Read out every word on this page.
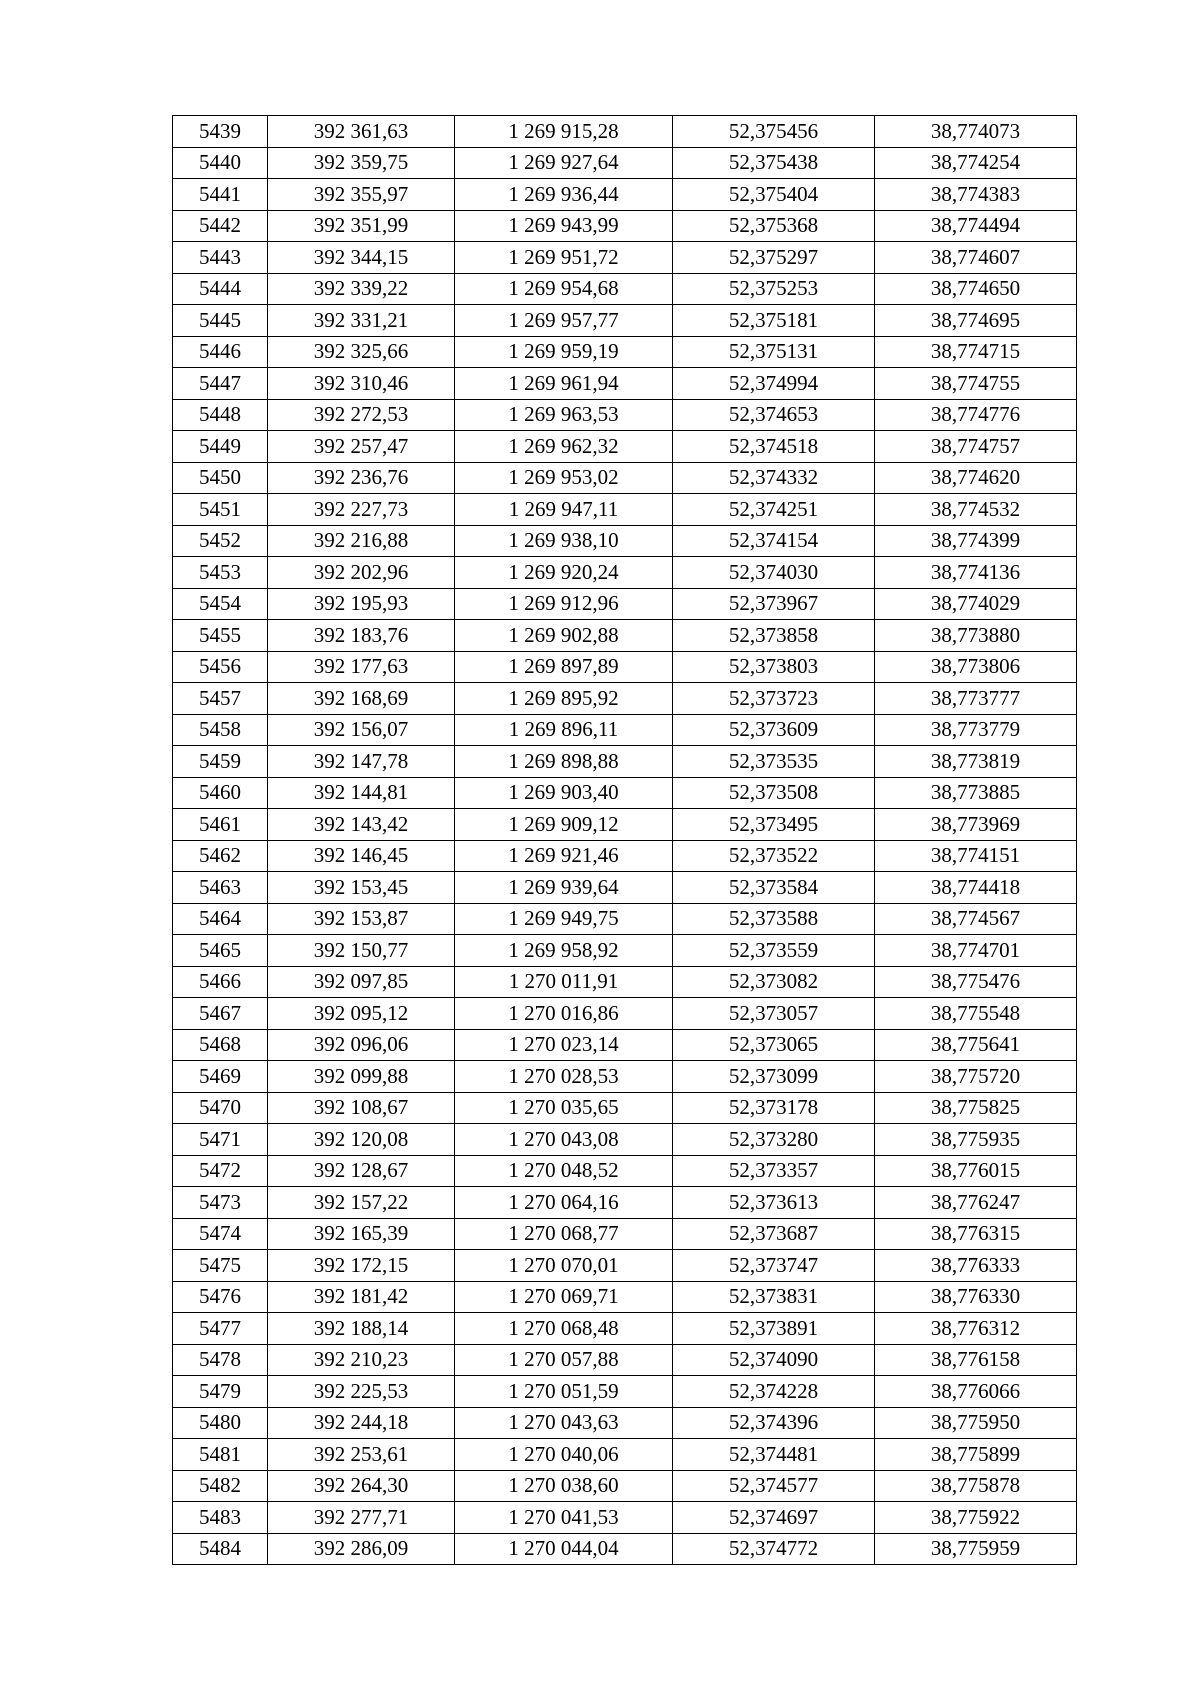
5439	392 361,63	1 269 915,28	52,375456	38,774073
5440	392 359,75	1 269 927,64	52,375438	38,774254
5441	392 355,97	1 269 936,44	52,375404	38,774383
5442	392 351,99	1 269 943,99	52,375368	38,774494
5443	392 344,15	1 269 951,72	52,375297	38,774607
5444	392 339,22	1 269 954,68	52,375253	38,774650
5445	392 331,21	1 269 957,77	52,375181	38,774695
5446	392 325,66	1 269 959,19	52,375131	38,774715
5447	392 310,46	1 269 961,94	52,374994	38,774755
5448	392 272,53	1 269 963,53	52,374653	38,774776
5449	392 257,47	1 269 962,32	52,374518	38,774757
5450	392 236,76	1 269 953,02	52,374332	38,774620
5451	392 227,73	1 269 947,11	52,374251	38,774532
5452	392 216,88	1 269 938,10	52,374154	38,774399
5453	392 202,96	1 269 920,24	52,374030	38,774136
5454	392 195,93	1 269 912,96	52,373967	38,774029
5455	392 183,76	1 269 902,88	52,373858	38,773880
5456	392 177,63	1 269 897,89	52,373803	38,773806
5457	392 168,69	1 269 895,92	52,373723	38,773777
5458	392 156,07	1 269 896,11	52,373609	38,773779
5459	392 147,78	1 269 898,88	52,373535	38,773819
5460	392 144,81	1 269 903,40	52,373508	38,773885
5461	392 143,42	1 269 909,12	52,373495	38,773969
5462	392 146,45	1 269 921,46	52,373522	38,774151
5463	392 153,45	1 269 939,64	52,373584	38,774418
5464	392 153,87	1 269 949,75	52,373588	38,774567
5465	392 150,77	1 269 958,92	52,373559	38,774701
5466	392 097,85	1 270 011,91	52,373082	38,775476
5467	392 095,12	1 270 016,86	52,373057	38,775548
5468	392 096,06	1 270 023,14	52,373065	38,775641
5469	392 099,88	1 270 028,53	52,373099	38,775720
5470	392 108,67	1 270 035,65	52,373178	38,775825
5471	392 120,08	1 270 043,08	52,373280	38,775935
5472	392 128,67	1 270 048,52	52,373357	38,776015
5473	392 157,22	1 270 064,16	52,373613	38,776247
5474	392 165,39	1 270 068,77	52,373687	38,776315
5475	392 172,15	1 270 070,01	52,373747	38,776333
5476	392 181,42	1 270 069,71	52,373831	38,776330
5477	392 188,14	1 270 068,48	52,373891	38,776312
5478	392 210,23	1 270 057,88	52,374090	38,776158
5479	392 225,53	1 270 051,59	52,374228	38,776066
5480	392 244,18	1 270 043,63	52,374396	38,775950
5481	392 253,61	1 270 040,06	52,374481	38,775899
5482	392 264,30	1 270 038,60	52,374577	38,775878
5483	392 277,71	1 270 041,53	52,374697	38,775922
5484	392 286,09	1 270 044,04	52,374772	38,775959
